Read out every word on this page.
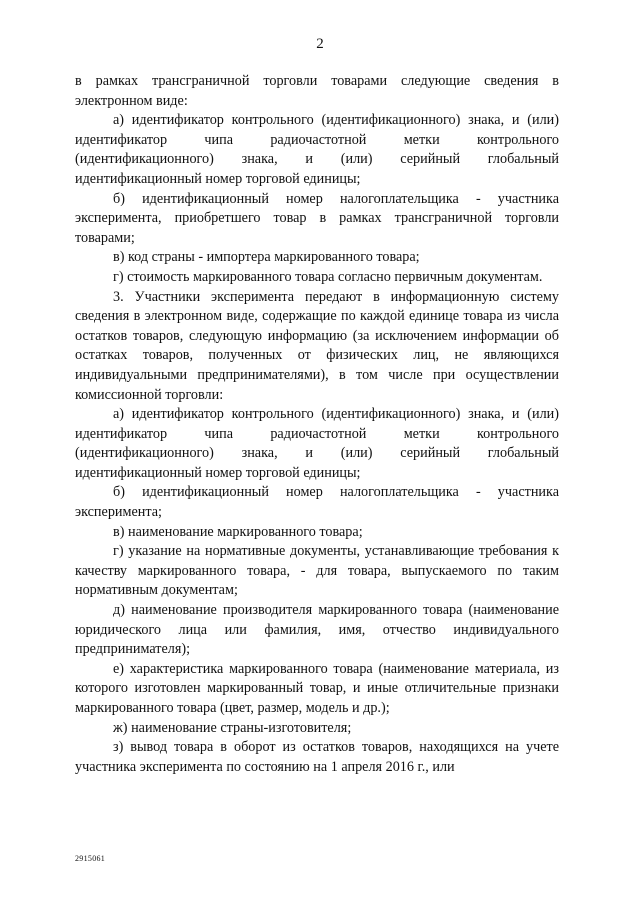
2

в рамках трансграничной торговли товарами следующие сведения в электронном виде:

а) идентификатор контрольного (идентификационного) знака, и (или) идентификатор чипа радиочастотной метки контрольного (идентификационного) знака, и (или) серийный глобальный идентификационный номер торговой единицы;

б) идентификационный номер налогоплательщика - участника эксперимента, приобретшего товар в рамках трансграничной торговли товарами;

в) код страны - импортера маркированного товара;

г) стоимость маркированного товара согласно первичным документам.

3. Участники эксперимента передают в информационную систему сведения в электронном виде, содержащие по каждой единице товара из числа остатков товаров, следующую информацию (за исключением информации об остатках товаров, полученных от физических лиц, не являющихся индивидуальными предпринимателями), в том числе при осуществлении комиссионной торговли:

а) идентификатор контрольного (идентификационного) знака, и (или) идентификатор чипа радиочастотной метки контрольного (идентификационного) знака, и (или) серийный глобальный идентификационный номер торговой единицы;

б) идентификационный номер налогоплательщика - участника эксперимента;

в) наименование маркированного товара;

г) указание на нормативные документы, устанавливающие требования к качеству маркированного товара, - для товара, выпускаемого по таким нормативным документам;

д) наименование производителя маркированного товара (наименование юридического лица или фамилия, имя, отчество индивидуального предпринимателя);

е) характеристика маркированного товара (наименование материала, из которого изготовлен маркированный товар, и иные отличительные признаки маркированного товара (цвет, размер, модель и др.);

ж) наименование страны-изготовителя;

з) вывод товара в оборот из остатков товаров, находящихся на учете участника эксперимента по состоянию на 1 апреля 2016 г., или

2915061
